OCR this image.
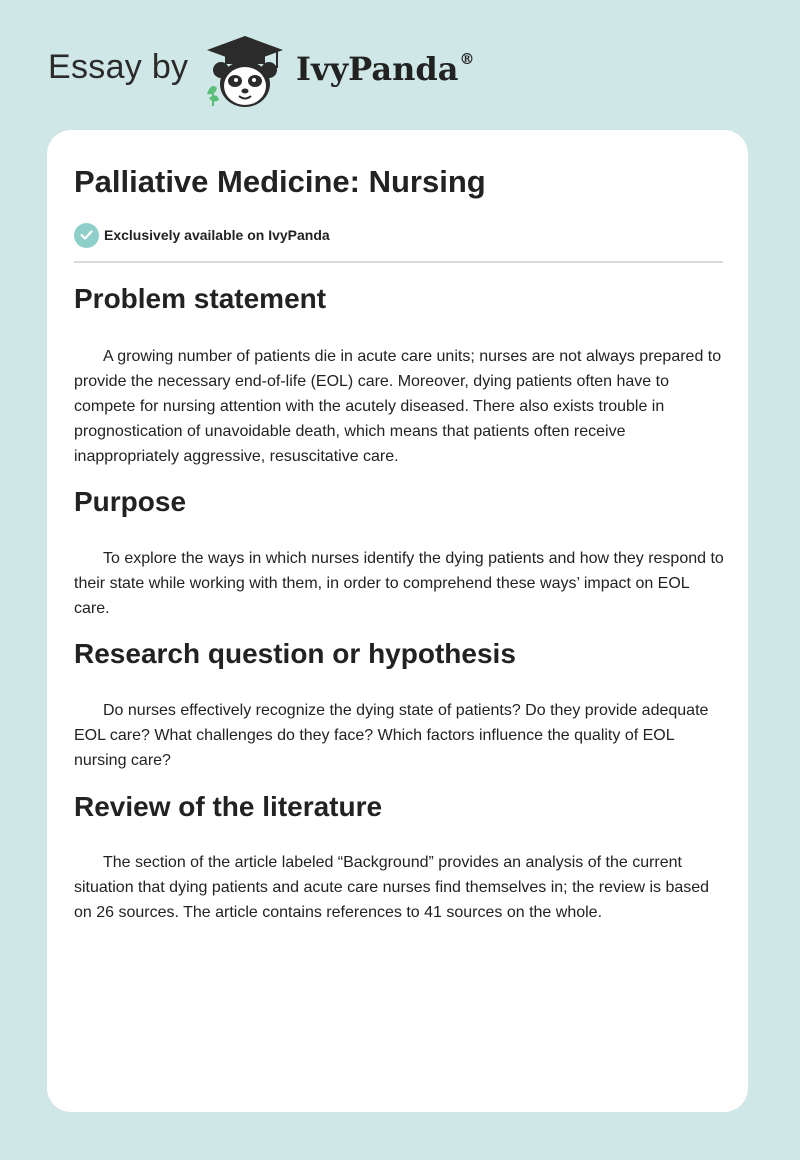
Essay by	IvyPanda®
Palliative Medicine: Nursing
Exclusively available on IvyPanda
Problem statement

A growing number of patients die in acute care units; nurses are not always prepared to provide the necessary end-of-life (EOL) care. Moreover, dying patients often have to compete for nursing attention with the acutely diseased. There also exists trouble in prognostication of unavoidable death, which means that patients often receive inappropriately aggressive, resuscitative care.

Purpose

To explore the ways in which nurses identify the dying patients and how they respond to their state while working with them, in order to comprehend these ways’ impact on EOL care.

Research question or hypothesis

Do nurses effectively recognize the dying state of patients? Do they provide adequate EOL care? What challenges do they face? Which factors influence the quality of EOL nursing care?

Review of the literature

The section of the article labeled “Background” provides an analysis of the current situation that dying patients and acute care nurses find themselves in; the review is based on 26 sources. The article contains references to 41 sources on the whole.
